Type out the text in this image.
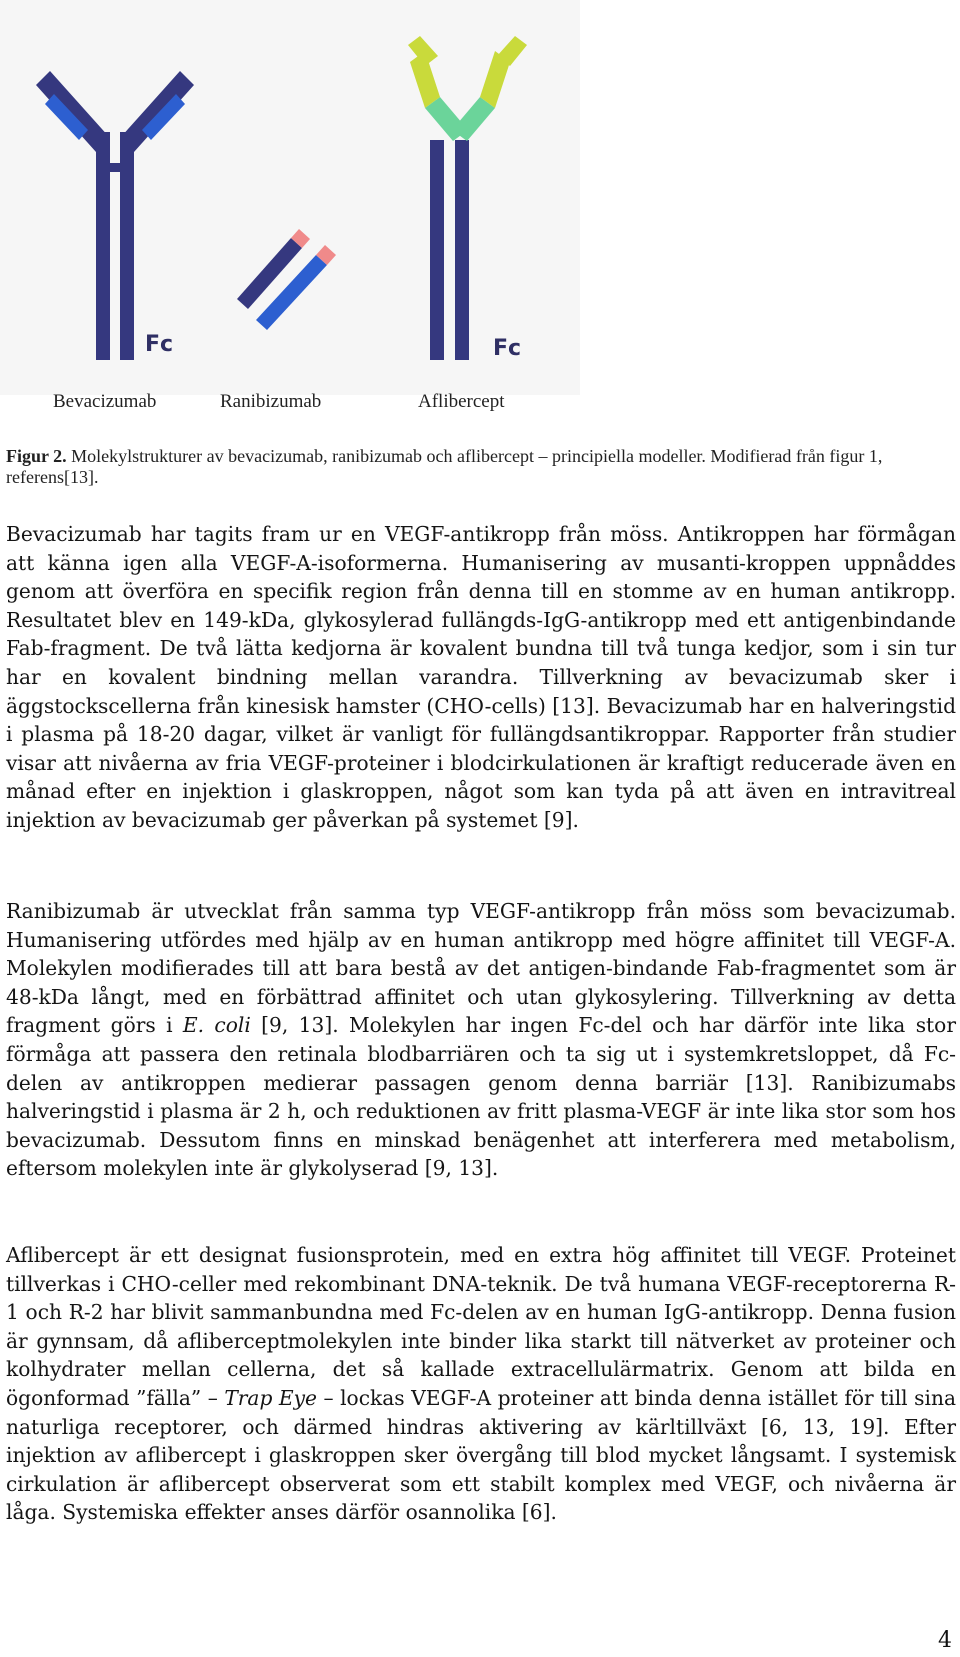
Fc	Fc
Bevacizumab	Ranibizumab	Aflibercept
Figur 2. Molekylstrukturer av bevacizumab, ranibizumab och aflibercept – principiella modeller. Modifierad från figur 1, referens[13].

Bevacizumab har tagits fram ur en VEGF-antikropp från möss. Antikroppen har förmågan att känna igen alla VEGF-A-isoformerna. Humanisering av musanti-kroppen uppnåddes genom att överföra en specifik region från denna till en stomme av en human antikropp. Resultatet blev en 149-kDa, glykosylerad fullängds-IgG-antikropp med ett antigenbindande Fab-fragment. De två lätta kedjorna är kovalent bundna till två tunga kedjor, som i sin tur har en kovalent bindning mellan varandra. Tillverkning av bevacizumab sker i äggstockscellerna från kinesisk hamster (CHO-cells) [13]. Bevacizumab har en halveringstid i plasma på 18-20 dagar, vilket är vanligt för fullängdsantikroppar. Rapporter från studier visar att nivåerna av fria VEGF-proteiner i blodcirkulationen är kraftigt reducerade även en månad efter en injektion i glaskroppen, något som kan tyda på att även en intravitreal injektion av bevacizumab ger påverkan på systemet [9].

Ranibizumab är utvecklat från samma typ VEGF-antikropp från möss som bevacizumab. Humanisering utfördes med hjälp av en human antikropp med högre affinitet till VEGF-A. Molekylen modifierades till att bara bestå av det antigen-bindande Fab-fragmentet som är 48-kDa långt, med en förbättrad affinitet och utan glykosylering. Tillverkning av detta fragment görs i E. coli [9, 13]. Molekylen har ingen Fc-del och har därför inte lika stor förmåga att passera den retinala blodbarriären och ta sig ut i systemkretsloppet, då Fc-delen av antikroppen medierar passagen genom denna barriär [13]. Ranibizumabs halveringstid i plasma är 2 h, och reduktionen av fritt plasma-VEGF är inte lika stor som hos bevacizumab. Dessutom finns en minskad benägenhet att interferera med metabolism, eftersom molekylen inte är glykolyserad [9, 13].

Aflibercept är ett designat fusionsprotein, med en extra hög affinitet till VEGF. Proteinet tillverkas i CHO-celler med rekombinant DNA-teknik. De två humana VEGF-receptorerna R-1 och R-2 har blivit sammanbundna med Fc-delen av en human IgG-antikropp. Denna fusion är gynnsam, då afliberceptmolekylen inte binder lika starkt till nätverket av proteiner och kolhydrater mellan cellerna, det så kallade extracellulärmatrix. Genom att bilda en ögonformad ”fälla” – Trap Eye – lockas VEGF-A proteiner att binda denna istället för till sina naturliga receptorer, och därmed hindras aktivering av kärltillväxt [6, 13, 19]. Efter injektion av aflibercept i glaskroppen sker övergång till blod mycket långsamt. I systemisk cirkulation är aflibercept observerat som ett stabilt komplex med VEGF, och nivåerna är låga. Systemiska effekter anses därför osannolika [6].

4
